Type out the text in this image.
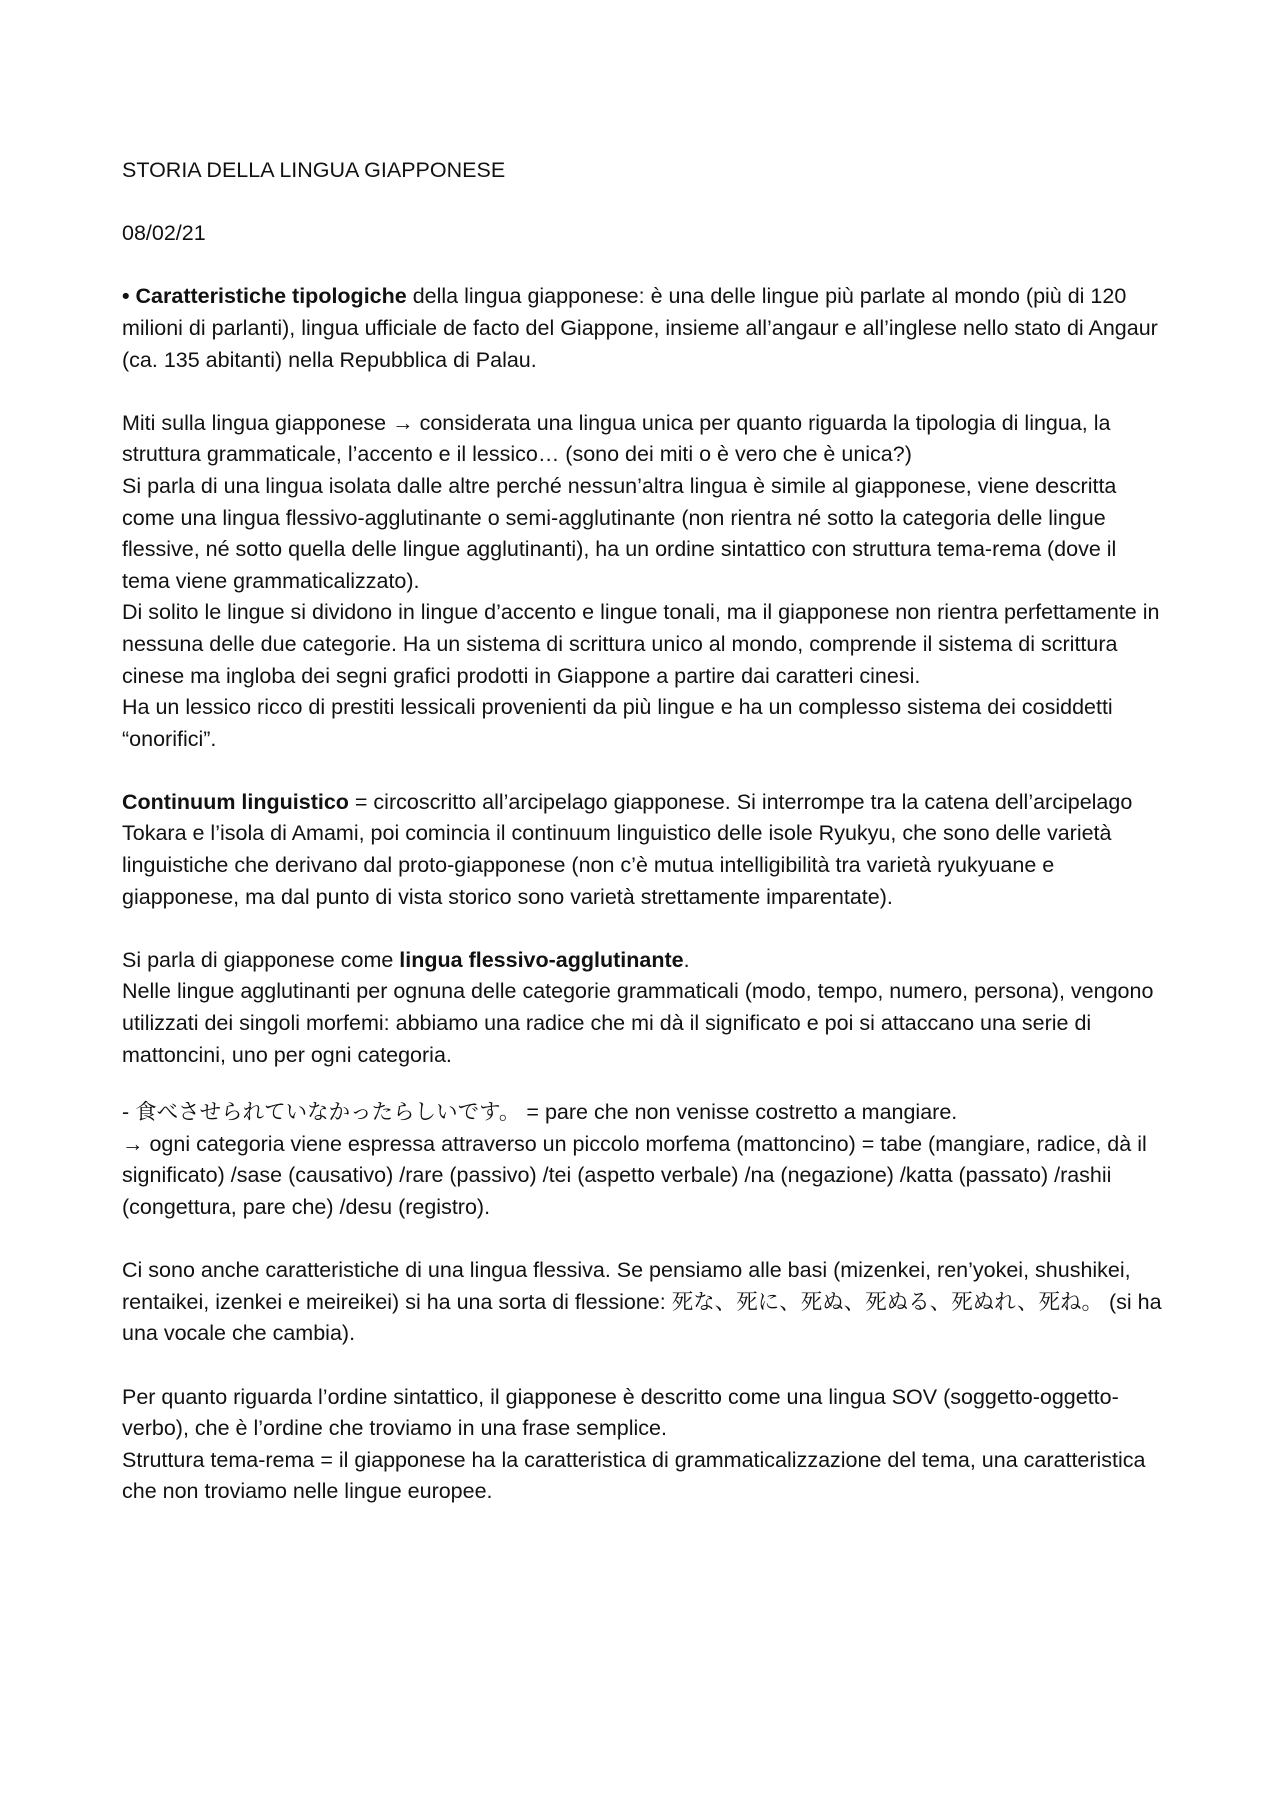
STORIA DELLA LINGUA GIAPPONESE

08/02/21

• Caratteristiche tipologiche della lingua giapponese: è una delle lingue più parlate al mondo (più di 120 milioni di parlanti), lingua ufficiale de facto del Giappone, insieme all’angaur e all’inglese nello stato di Angaur (ca. 135 abitanti) nella Repubblica di Palau.

Miti sulla lingua giapponese → considerata una lingua unica per quanto riguarda la tipologia di lingua, la struttura grammaticale, l’accento e il lessico… (sono dei miti o è vero che è unica?)

Si parla di una lingua isolata dalle altre perché nessun’altra lingua è simile al giapponese, viene descritta come una lingua flessivo-agglutinante o semi-agglutinante (non rientra né sotto la categoria delle lingue flessive, né sotto quella delle lingue agglutinanti), ha un ordine sintattico con struttura tema-rema (dove il tema viene grammaticalizzato).

Di solito le lingue si dividono in lingue d’accento e lingue tonali, ma il giapponese non rientra perfettamente in nessuna delle due categorie. Ha un sistema di scrittura unico al mondo, comprende il sistema di scrittura cinese ma ingloba dei segni grafici prodotti in Giappone a partire dai caratteri cinesi.

Ha un lessico ricco di prestiti lessicali provenienti da più lingue e ha un complesso sistema dei cosiddetti “onorifici”.

Continuum linguistico = circoscritto all’arcipelago giapponese. Si interrompe tra la catena dell’arcipelago Tokara e l’isola di Amami, poi comincia il continuum linguistico delle isole Ryukyu, che sono delle varietà linguistiche che derivano dal proto-giapponese (non c’è mutua intelligibilità tra varietà ryukyuane e giapponese, ma dal punto di vista storico sono varietà strettamente imparentate).

Si parla di giapponese come lingua flessivo-agglutinante.

Nelle lingue agglutinanti per ognuna delle categorie grammaticali (modo, tempo, numero, persona), vengono utilizzati dei singoli morfemi: abbiamo una radice che mi dà il significato e poi si attaccano una serie di mattoncini, uno per ogni categoria.

- 食べさせられていなかったらしいです。 = pare che non venisse costretto a mangiare.

→ ogni categoria viene espressa attraverso un piccolo morfema (mattoncino) = tabe (mangiare, radice, dà il significato) /sase (causativo) /rare (passivo) /tei (aspetto verbale) /na (negazione) /katta (passato) /rashii (congettura, pare che) /desu (registro).

Ci sono anche caratteristiche di una lingua flessiva. Se pensiamo alle basi (mizenkei, ren’yokei, shushikei, rentaikei, izenkei e meireikei) si ha una sorta di flessione: 死な、死に、死ぬ、死ぬる、死ぬれ、死ね。 (si ha una vocale che cambia).

Per quanto riguarda l’ordine sintattico, il giapponese è descritto come una lingua SOV (soggetto-oggetto-verbo), che è l’ordine che troviamo in una frase semplice.

Struttura tema-rema = il giapponese ha la caratteristica di grammaticalizzazione del tema, una caratteristica che non troviamo nelle lingue europee.
